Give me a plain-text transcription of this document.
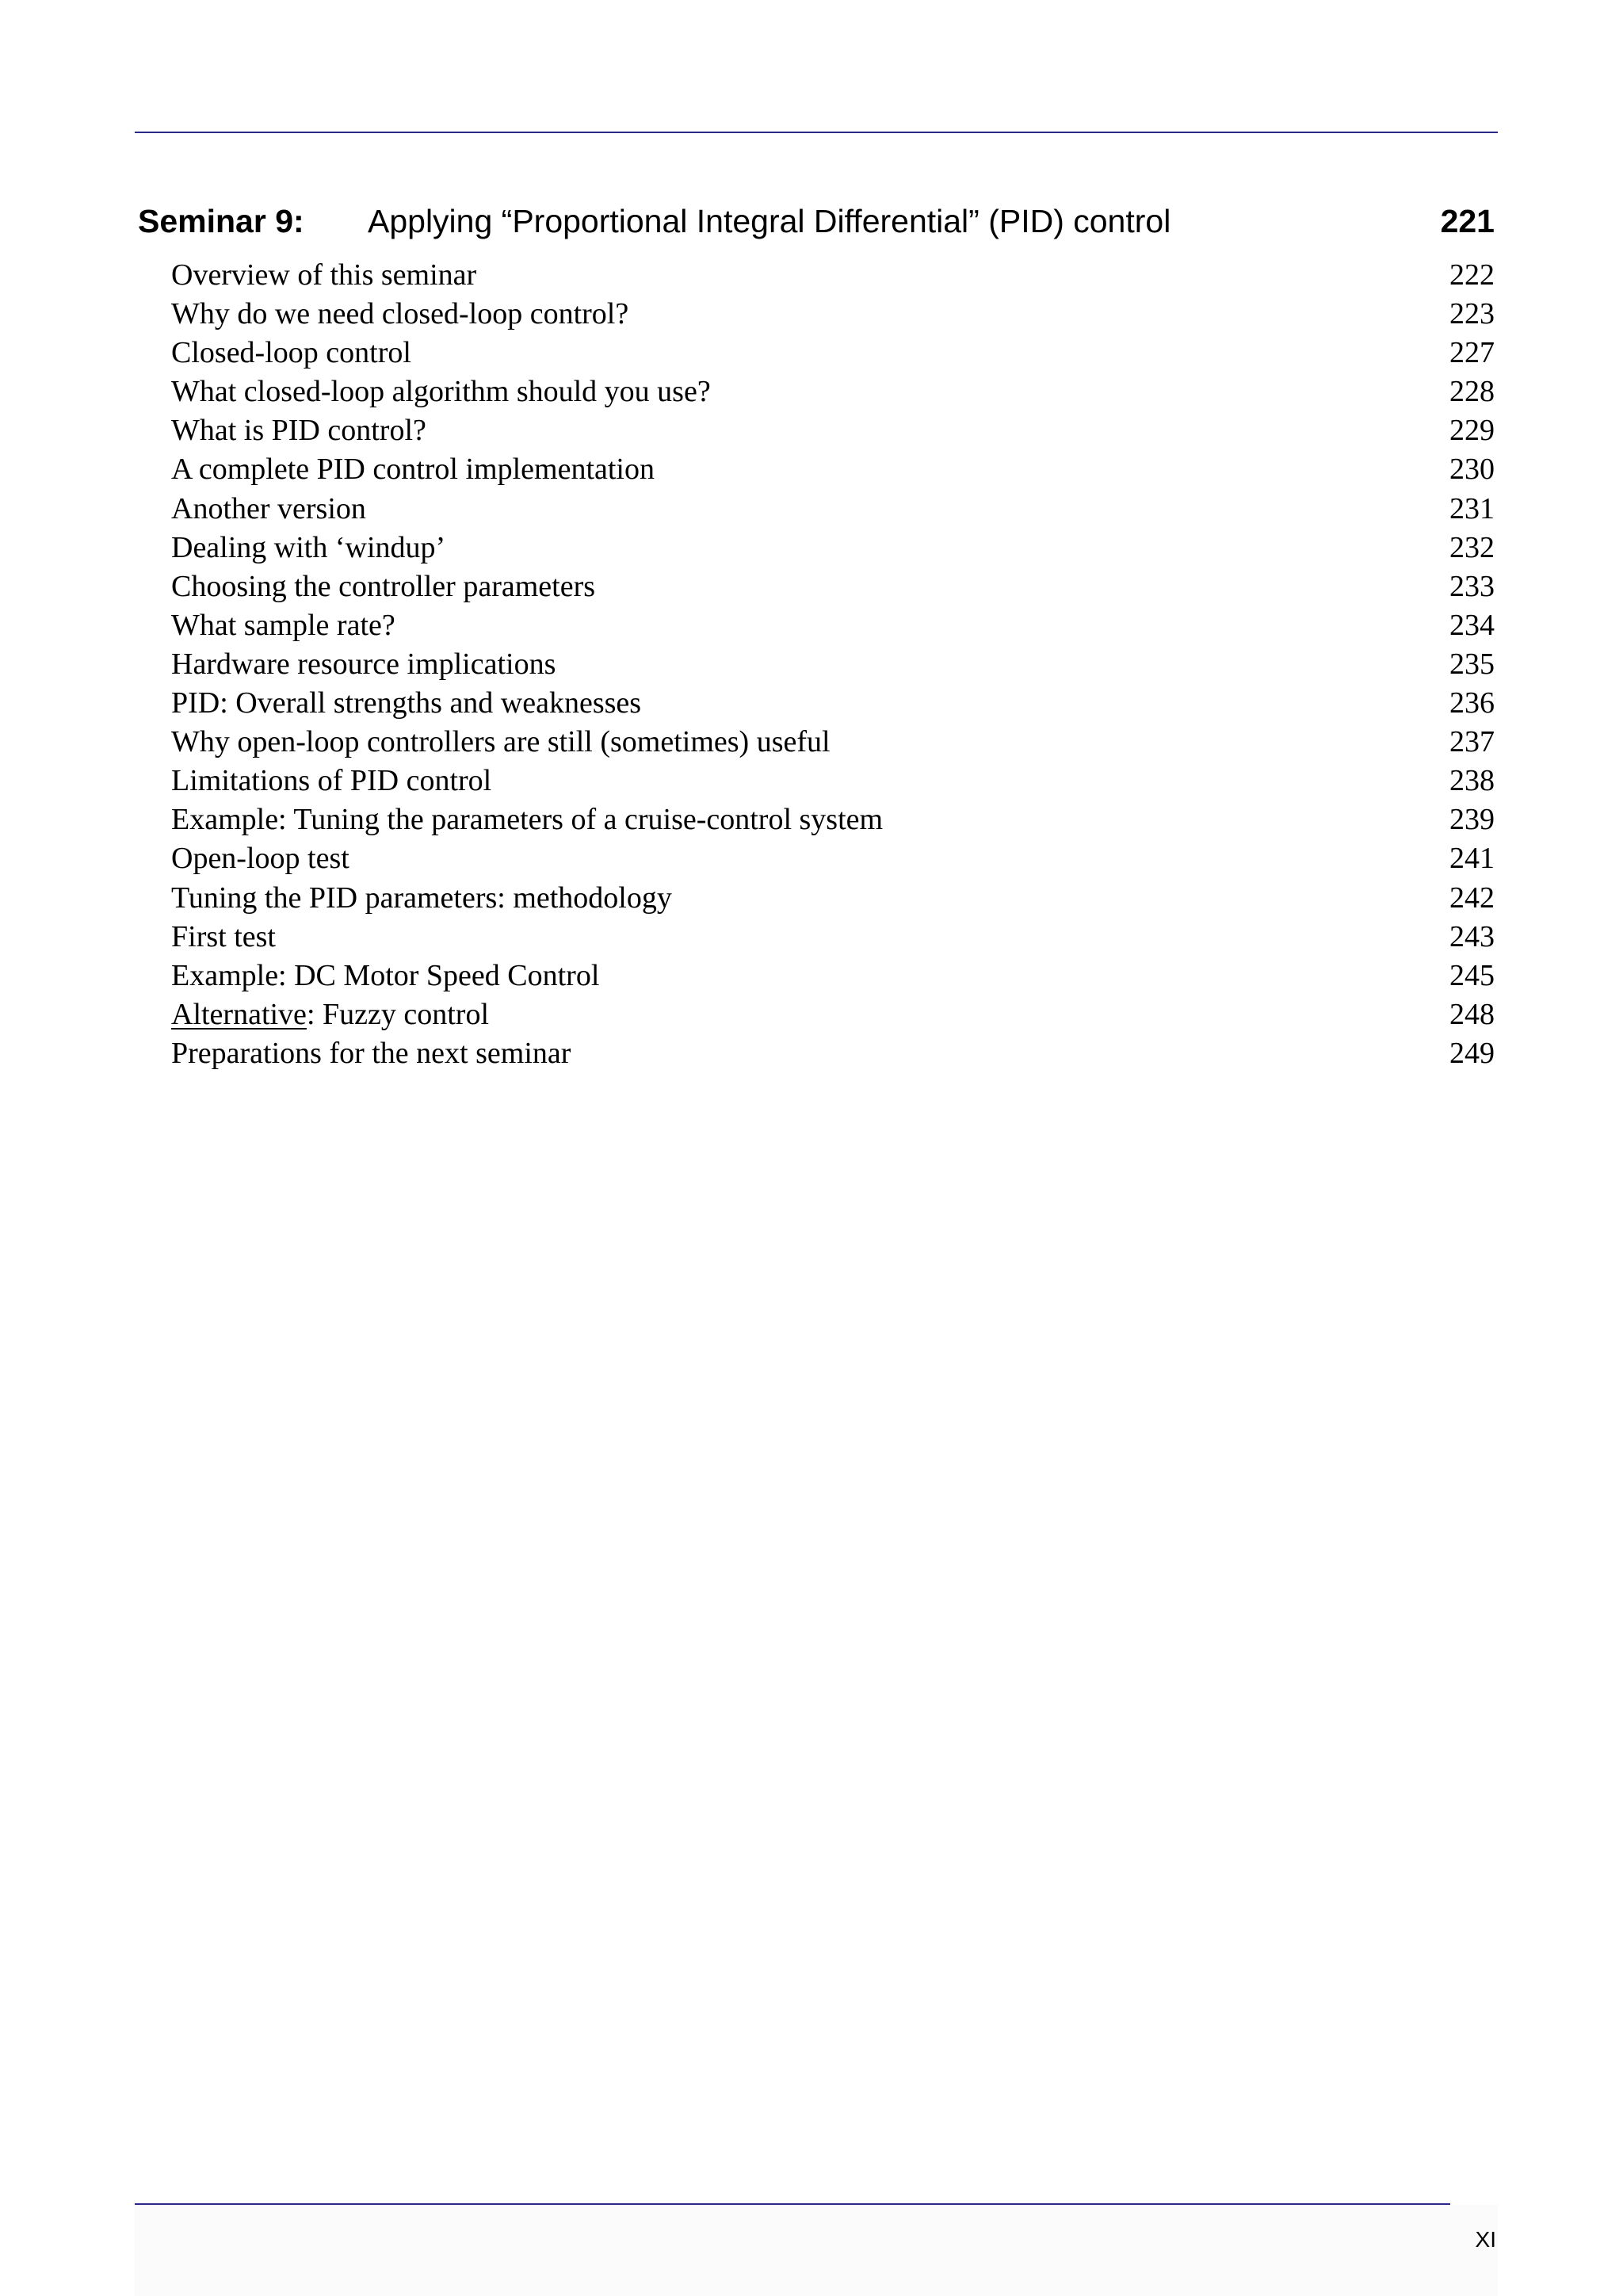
Seminar 9: Applying “Proportional Integral Differential” (PID) control	221
Overview of this seminar	222
Why do we need closed-loop control?	223
Closed-loop control	227
What closed-loop algorithm should you use?	228
What is PID control?	229
A complete PID control implementation	230
Another version	231
Dealing with ‘windup’	232
Choosing the controller parameters	233
What sample rate?	234
Hardware resource implications	235
PID: Overall strengths and weaknesses	236
Why open-loop controllers are still (sometimes) useful	237
Limitations of PID control	238
Example: Tuning the parameters of a cruise-control system	239
Open-loop test	241
Tuning the PID parameters: methodology	242
First test	243
Example: DC Motor Speed Control	245
Alternative: Fuzzy control	248
Preparations for the next seminar	249
XI
